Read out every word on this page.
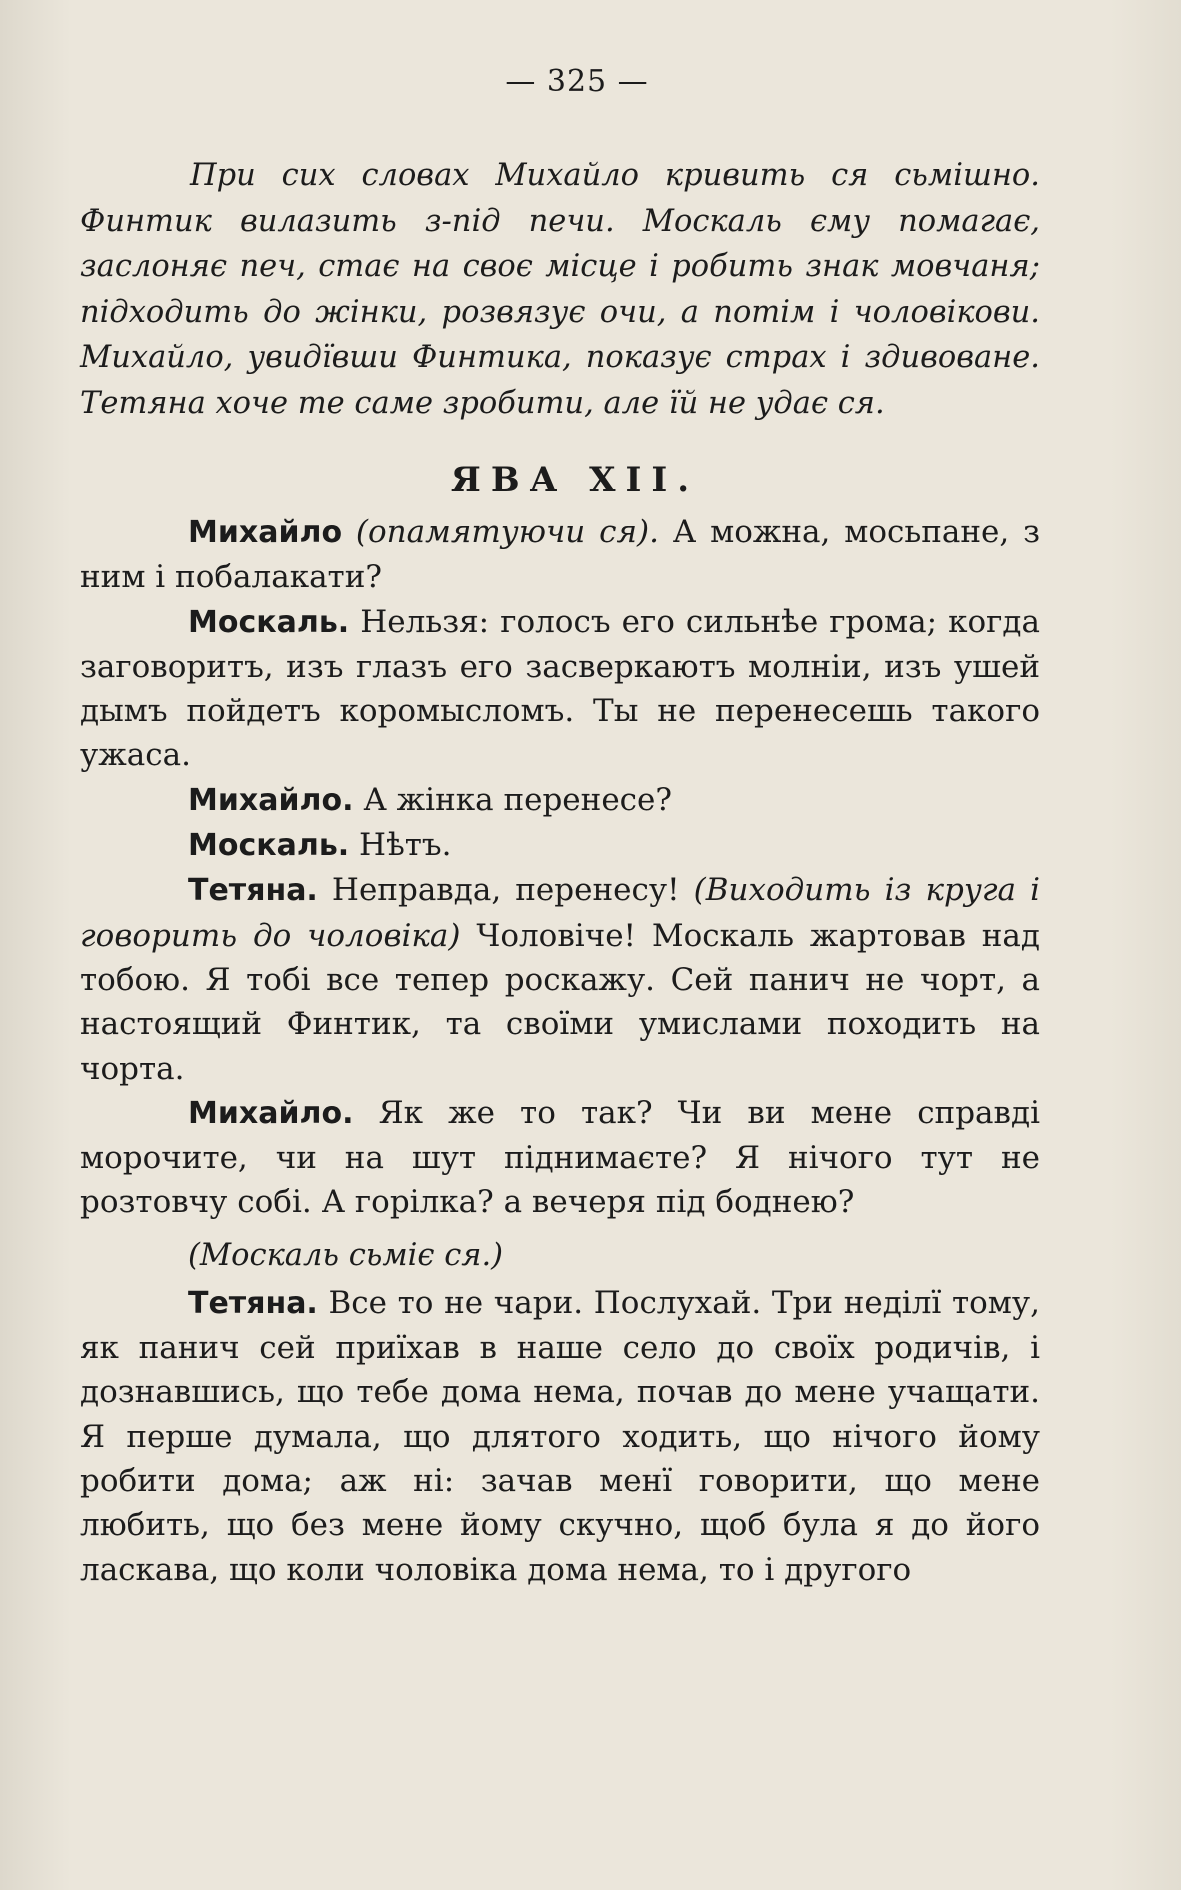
— 325 —

При сих словах Михайло кривить ся сьмішно. Финтик вилазить з-під печи. Москаль єму помагає, заслоняє печ, стає на своє місце і робить знак мовчаня; підходить до жінки, розвязує очи, а потім і чоловікови. Михайло, увидївши Финтика, показує страх і здивоване. Тетяна хоче те саме зробити, але їй не удає ся.

ЯВА XII.

Михайло (опамятуючи ся). А можна, мосьпане, з ним і побалакати?

Москаль. Нельзя: голосъ его сильнѣе грома; когда заговоритъ, изъ глазъ его засверкаютъ молніи, изъ ушей дымъ пойдетъ коромысломъ. Ты не перенесешь такого ужаса.

Михайло. А жінка перенесе?

Москаль. Нѣтъ.

Тетяна. Неправда, перенесу! (Виходить із круга і говорить до чоловіка) Чоловіче! Москаль жартовав над тобою. Я тобі все тепер роскажу. Сей панич не чорт, а настоящий Финтик, та своїми умислами походить на чорта.

Михайло. Як же то так? Чи ви мене справді морочите, чи на шут піднимаєте? Я нічого тут не розтовчу собі. А горілка? а вечеря під боднею?

(Москаль сьміє ся.)

Тетяна. Все то не чари. Послухай. Три неділї тому, як панич сей приїхав в наше село до своїх родичів, і дознавшись, що тебе дома нема, почав до мене учащати. Я перше думала, що длятого ходить, що нічого йому робити дома; аж ні: зачав менї говорити, що мене любить, що без мене йому скучно, щоб була я до його ласкава, що коли чоловіка дома нема, то і другого
